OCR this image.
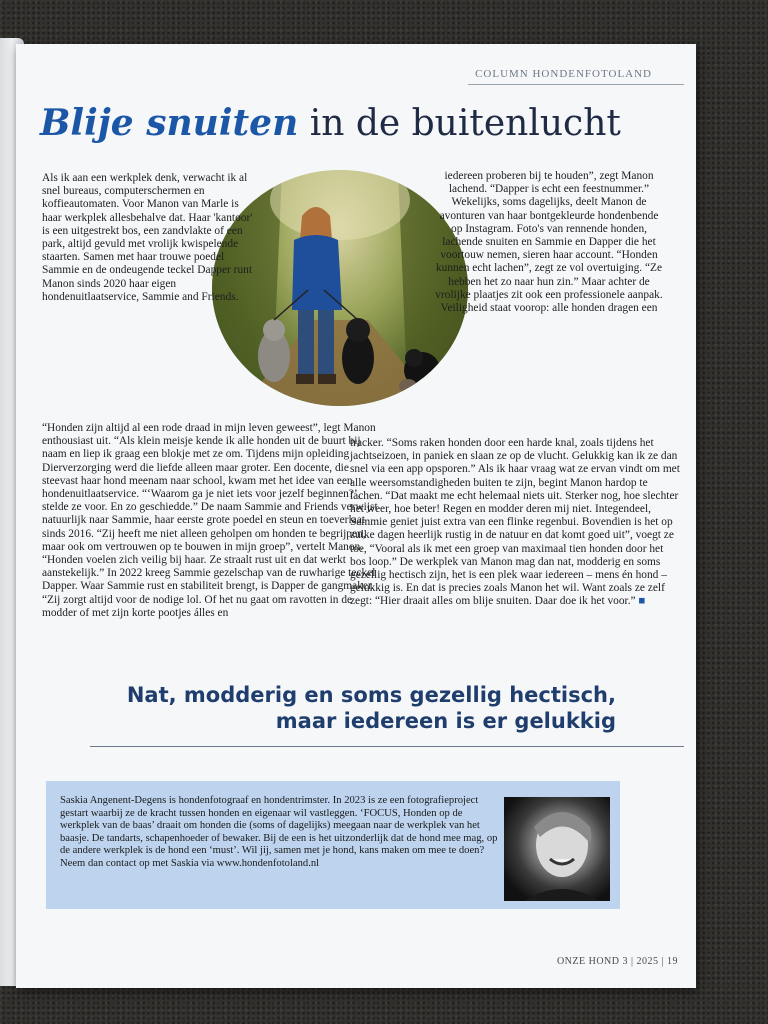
COLUMN HONDENFOTOLAND
Blije snuiten in de buitenlucht

Als ik aan een werkplek denk, verwacht ik al snel bureaus, computerschermen en koffieautomaten. Voor Manon van Marle is haar werkplek allesbehalve dat. Haar 'kantoor' is een uitgestrekt bos, een zandvlakte of een park, altijd gevuld met vrolijk kwispelende staarten. Samen met haar trouwe poedel Sammie en de ondeugende teckel Dapper runt Manon sinds 2020 haar eigen hondenuitlaatservice, Sammie and Friends.

“Honden zijn altijd al een rode draad in mijn leven geweest”, legt Manon enthousiast uit. “Als klein meisje kende ik alle honden uit de buurt bij naam en liep ik graag een blokje met ze om. Tijdens mijn opleiding Dierverzorging werd die liefde alleen maar groter. Een docente, die steevast haar hond meenam naar school, kwam met het idee van een hondenuitlaatservice. “‘Waarom ga je niet iets voor jezelf beginnen?’, stelde ze voor. En zo geschiedde.” De naam Sammie and Friends verwijst natuurlijk naar Sammie, haar eerste grote poedel en steun en toeverlaat sinds 2016. “Zij heeft me niet alleen geholpen om honden te begrijpen, maar ook om vertrouwen op te bouwen in mijn groep”, vertelt Manon. “Honden voelen zich veilig bij haar. Ze straalt rust uit en dat werkt aanstekelijk.” In 2022 kreeg Sammie gezelschap van de ruwharige teckel Dapper. Waar Sammie rust en stabiliteit brengt, is Dapper de gangmaker. “Zij zorgt altijd voor de nodige lol. Of het nu gaat om ravotten in de modder of met zijn korte pootjes álles en

iedereen proberen bij te houden”, zegt Manon lachend. “Dapper is echt een feestnummer.” Wekelijks, soms dagelijks, deelt Manon de avonturen van haar bontgekleurde hondenbende op Instagram. Foto's van rennende honden, lachende snuiten en Sammie en Dapper die het voortouw nemen, sieren haar account. “Honden kunnen echt lachen”, zegt ze vol overtuiging. “Ze hebben het zo naar hun zin.” Maar achter de vrolijke plaatjes zit ook een professionele aanpak. Veiligheid staat voorop: alle honden dragen een

tracker. “Soms raken honden door een harde knal, zoals tijdens het jachtseizoen, in paniek en slaan ze op de vlucht. Gelukkig kan ik ze dan snel via een app opsporen.” Als ik haar vraag wat ze ervan vindt om met alle weersomstandigheden buiten te zijn, begint Manon hardop te lachen. “Dat maakt me echt helemaal niets uit. Sterker nog, hoe slechter het weer, hoe beter! Regen en modder deren mij niet. Integendeel, Sammie geniet juist extra van een flinke regenbui. Bovendien is het op zulke dagen heerlijk rustig in de natuur en dat komt goed uit”, voegt ze toe, “Vooral als ik met een groep van maximaal tien honden door het bos loop.” De werkplek van Manon mag dan nat, modderig en soms gezellig hectisch zijn, het is een plek waar iedereen – mens én hond – gelukkig is. En dat is precies zoals Manon het wil. Want zoals ze zelf zegt: “Hier draait alles om blije snuiten. Daar doe ik het voor.” ■

Nat, modderig en soms gezellig hectisch,
maar iedereen is er gelukkig

Saskia Angenent-Degens is hondenfotograaf en hondentrimster. In 2023 is ze een fotografieproject gestart waarbij ze de kracht tussen honden en eigenaar wil vastleggen. ‘FOCUS, Honden op de werkplek van de baas’ draait om honden die (soms of dagelijks) meegaan naar de werkplek van het baasje. De tandarts, schapenhoeder of bewaker. Bij de een is het uitzonderlijk dat de hond mee mag, op de andere werkplek is de hond een ‘must’. Wil jij, samen met je hond, kans maken om mee te doen? Neem dan contact op met Saskia via www.hondenfotoland.nl

ONZE HOND 3 | 2025 | 19
